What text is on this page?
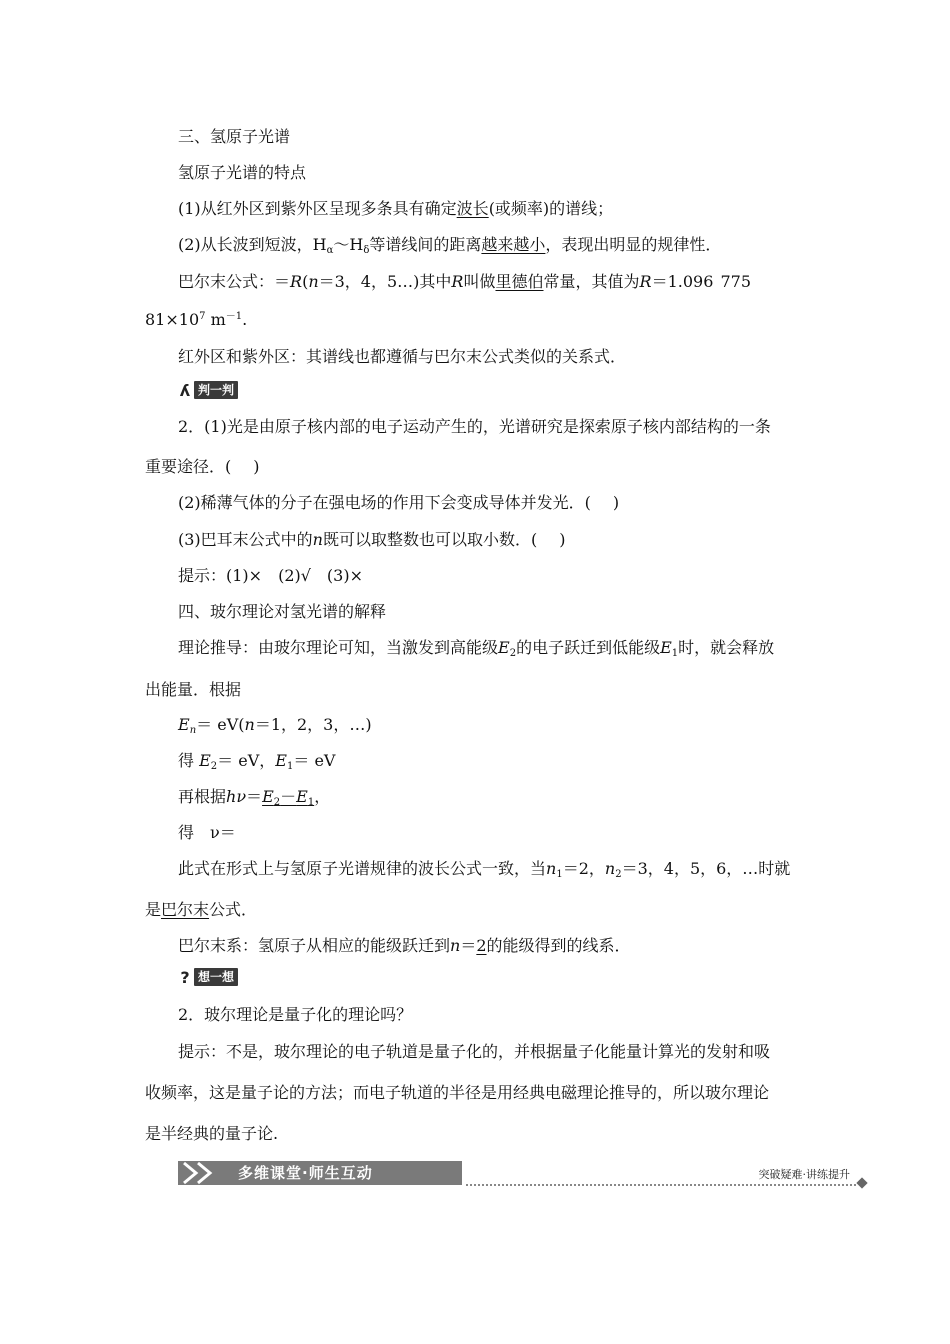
三、氢原子光谱
氢原子光谱的特点
(1)从红外区到紫外区呈现多条具有确定波长(或频率)的谱线；
(2)从长波到短波，$H_\alpha\sim H_\delta$等谱线间的距离越来越小，表现出明显的规律性．
巴尔末公式：＝R(n＝3，4，5…)其中R叫做里德伯常量，其值为R＝1.096 775
$81\times 10^7$ $m^{-1}$.
红外区和紫外区：其谱线也都遵循与巴尔末公式类似的关系式．
ʎ 判一判
2．(1)光是由原子核内部的电子运动产生的，光谱研究是探索原子核内部结构的一条
重要途径．( )
(2)稀薄气体的分子在强电场的作用下会变成导体并发光．( )
(3)巴耳末公式中的n既可以取整数也可以取小数．( )
提示：(1)×　(2)√　(3)×
四、玻尔理论对氢光谱的解释
理论推导：由玻尔理论可知，当激发到高能级$E_2$的电子跃迁到低能级$E_1$时，就会释放
出能量．根据
$E_n= eV(n=1$，2，3，…)
得 $E_2=$ eV，$E_1=$ eV
再根据$h\nu=E_2-E_1$，
得　ν＝
此式在形式上与氢原子光谱规律的波长公式一致，当$n_1=2$，$n_2=3$，4，5，6，…时就
是巴尔末公式．
巴尔末系：氢原子从相应的能级跃迁到n＝2的能级得到的线系．
? 想一想
2．玻尔理论是量子化的理论吗？
提示：不是，玻尔理论的电子轨道是量子化的，并根据量子化能量计算光的发射和吸
收频率，这是量子论的方法；而电子轨道的半径是用经典电磁理论推导的，所以玻尔理论
是半经典的量子论.
多维课堂·师生互动	突破疑难·讲练提升
